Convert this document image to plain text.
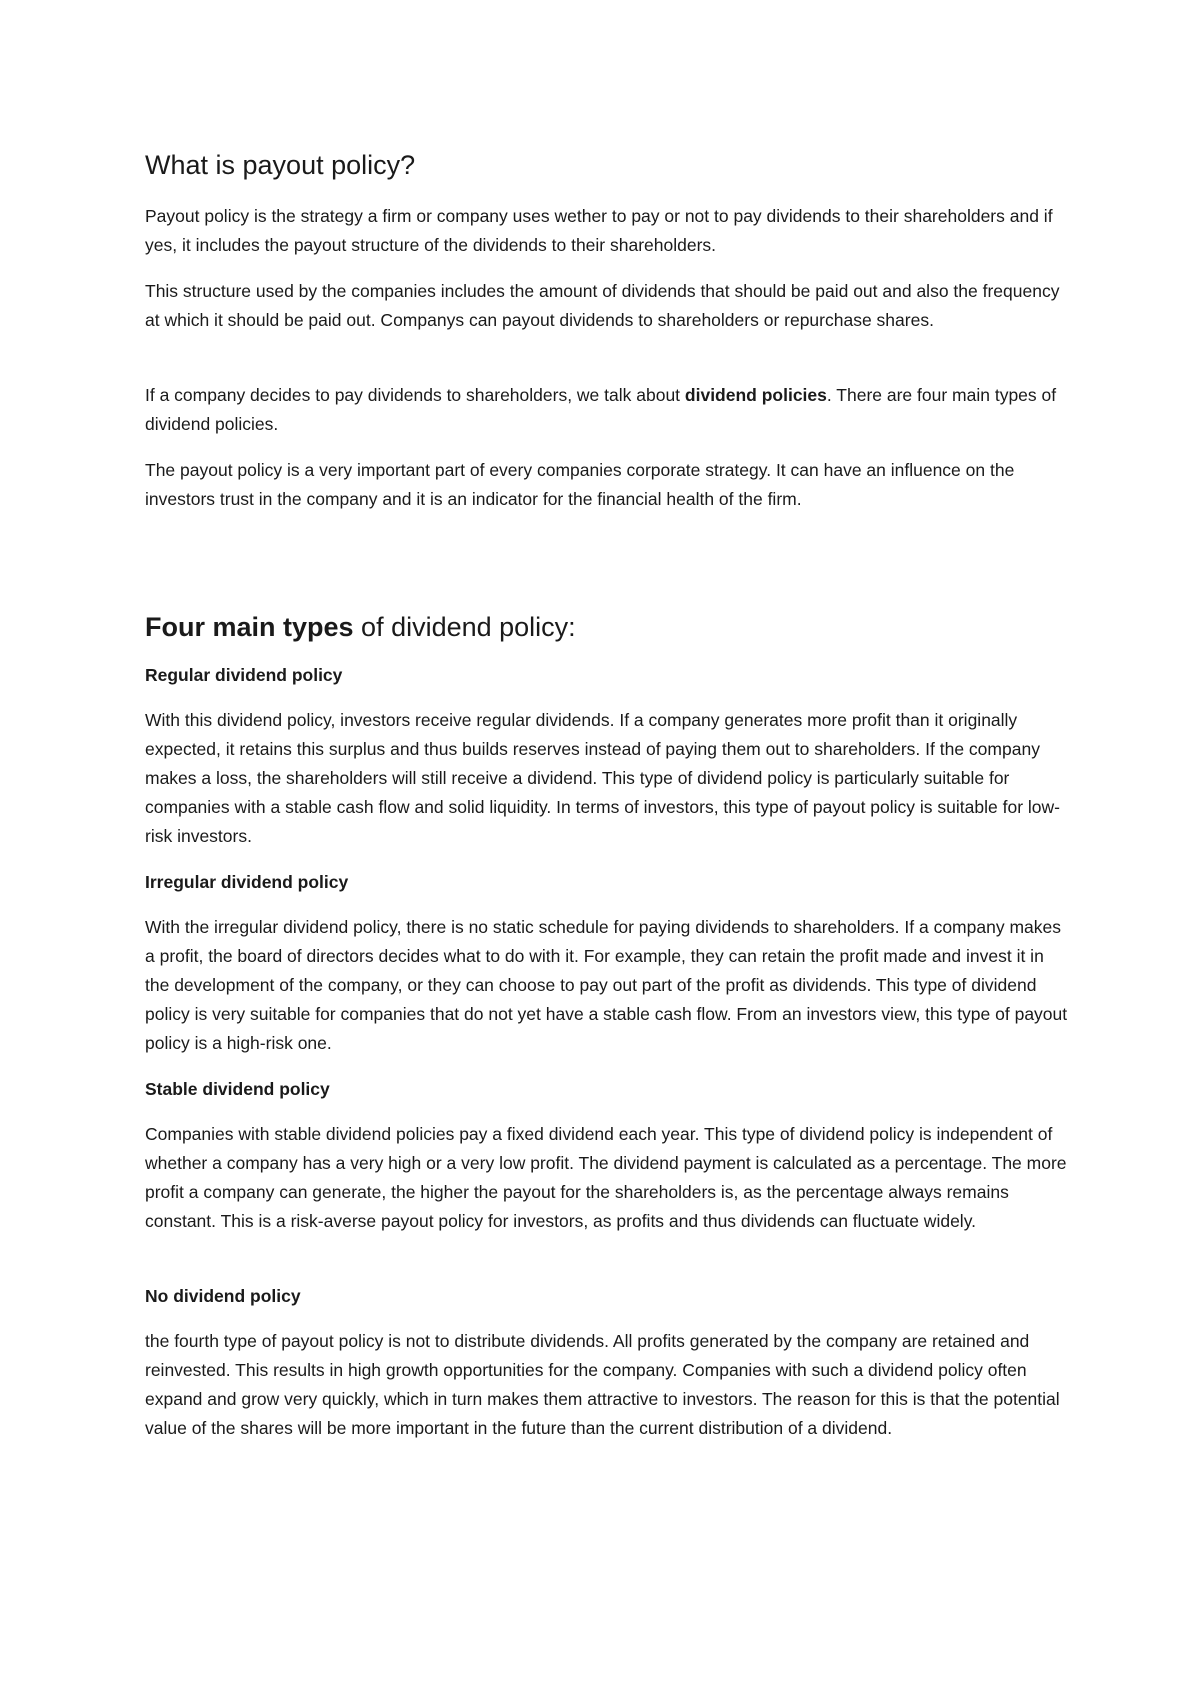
What is payout policy?

Payout policy is the strategy a firm or company uses wether to pay or not to pay dividends to their shareholders and if yes, it includes the payout structure of the dividends to their shareholders.

This structure used by the companies includes the amount of dividends that should be paid out and also the frequency at which it should be paid out. Companys can payout dividends to shareholders or repurchase shares.

If a company decides to pay dividends to shareholders, we talk about dividend policies. There are four main types of dividend policies.

The payout policy is a very important part of every companies corporate strategy. It can have an influence on the investors trust in the company and it is an indicator for the financial health of the firm.

Four main types of dividend policy:

Regular dividend policy

With this dividend policy, investors receive regular dividends. If a company generates more profit than it originally expected, it retains this surplus and thus builds reserves instead of paying them out to shareholders. If the company makes a loss, the shareholders will still receive a dividend. This type of dividend policy is particularly suitable for companies with a stable cash flow and solid liquidity. In terms of investors, this type of payout policy is suitable for low-risk investors.

Irregular dividend policy

With the irregular dividend policy, there is no static schedule for paying dividends to shareholders. If a company makes a profit, the board of directors decides what to do with it. For example, they can retain the profit made and invest it in the development of the company, or they can choose to pay out part of the profit as dividends. This type of dividend policy is very suitable for companies that do not yet have a stable cash flow. From an investors view, this type of payout policy is a high-risk one.

Stable dividend policy

Companies with stable dividend policies pay a fixed dividend each year. This type of dividend policy is independent of whether a company has a very high or a very low profit. The dividend payment is calculated as a percentage. The more profit a company can generate, the higher the payout for the shareholders is, as the percentage always remains constant. This is a risk-averse payout policy for investors, as profits and thus dividends can fluctuate widely.

No dividend policy

the fourth type of payout policy is not to distribute dividends. All profits generated by the company are retained and reinvested. This results in high growth opportunities for the company. Companies with such a dividend policy often expand and grow very quickly, which in turn makes them attractive to investors. The reason for this is that the potential value of the shares will be more important in the future than the current distribution of a dividend.
